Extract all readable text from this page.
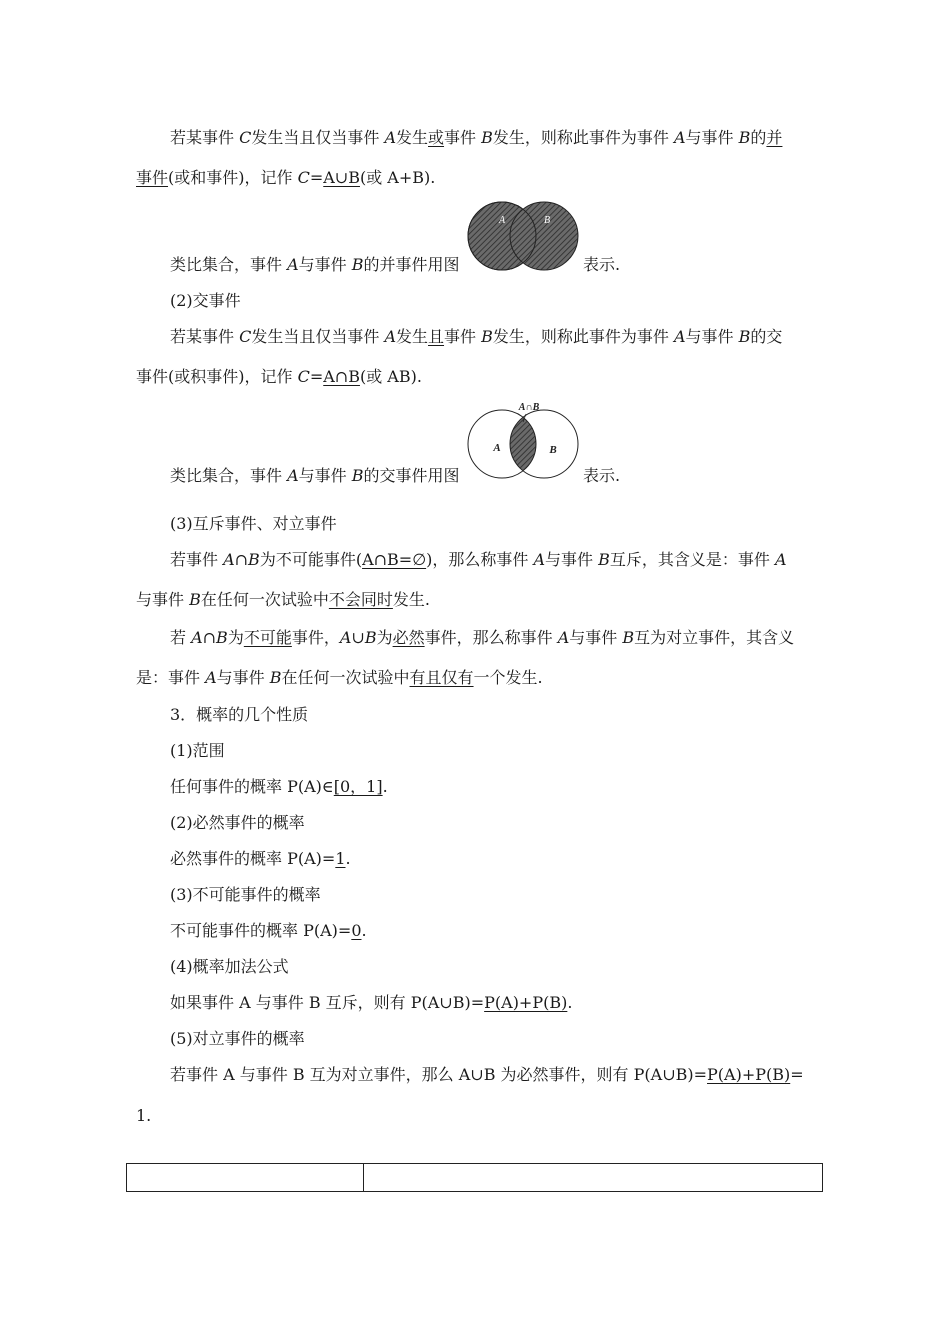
若某事件 C发生当且仅当事件 A发生或事件 B发生，则称此事件为事件 A与事件 B的并
事件(或和事件)，记作 C=A∪B(或 A+B).
类比集合，事件 A与事件 B的并事件用图	表示.
A	B
(2)交事件
若某事件 C发生当且仅当事件 A发生且事件 B发生，则称此事件为事件 A与事件 B的交
事件(或积事件)，记作 C=A∩B(或 AB).
类比集合，事件 A与事件 B的交事件用图	表示.
A∩B
A	B
(3)互斥事件、对立事件
若事件 A∩B为不可能事件(A∩B=∅)，那么称事件 A与事件 B互斥，其含义是：事件 A
与事件 B在任何一次试验中不会同时发生.
若 A∩B为不可能事件，A∪B为必然事件，那么称事件 A与事件 B互为对立事件，其含义
是：事件 A与事件 B在任何一次试验中有且仅有一个发生.
3．概率的几个性质
(1)范围
任何事件的概率 P(A)∈[0，1].
(2)必然事件的概率
必然事件的概率 P(A)=1.
(3)不可能事件的概率
不可能事件的概率 P(A)=0.
(4)概率加法公式
如果事件 A 与事件 B 互斥，则有 P(A∪B)=P(A)+P(B).
(5)对立事件的概率
若事件 A 与事件 B 互为对立事件，那么 A∪B 为必然事件，则有 P(A∪B)=P(A)+P(B)=
1.
